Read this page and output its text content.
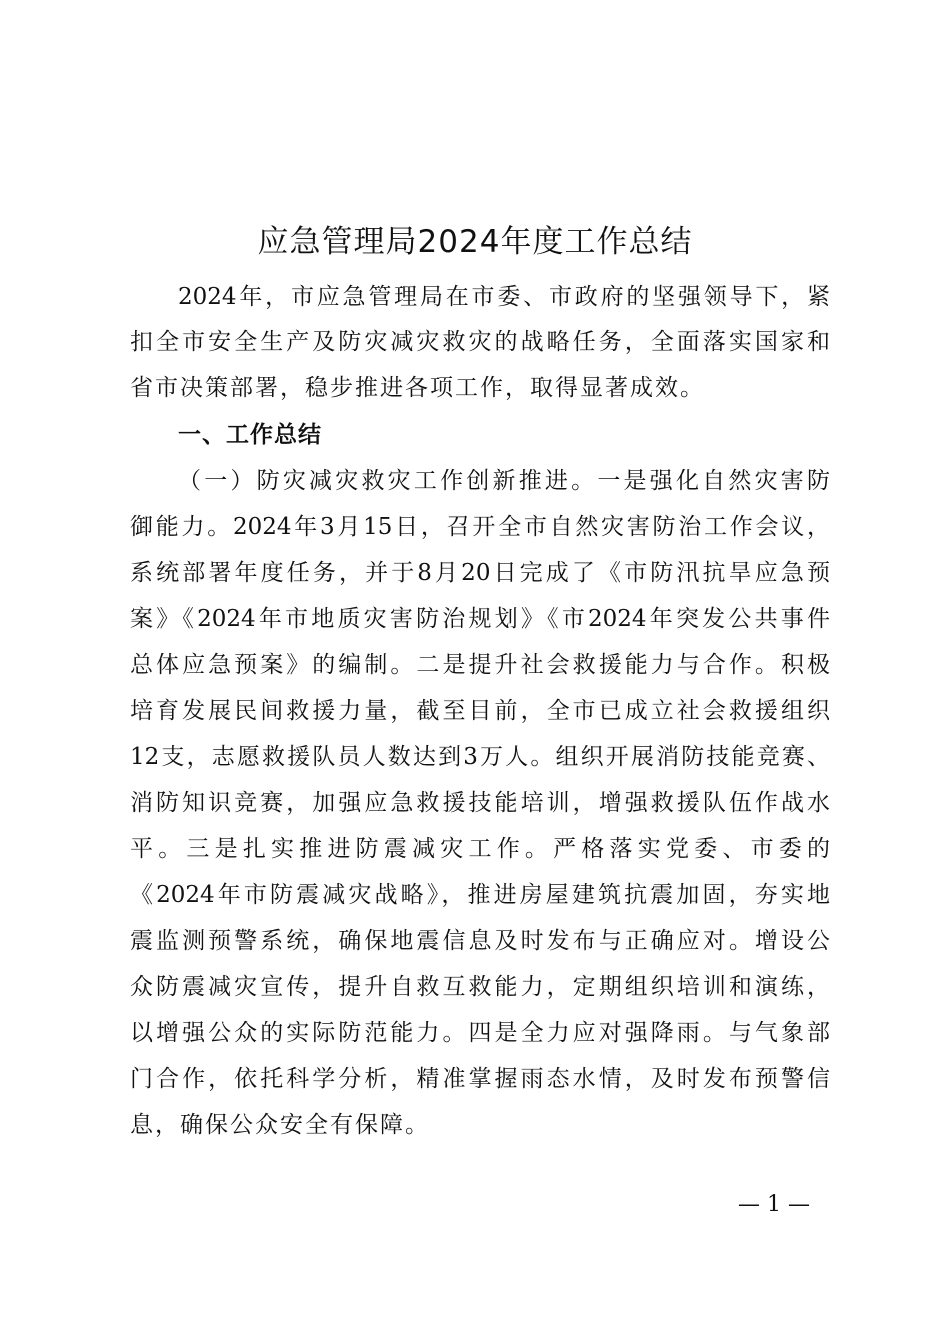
应急管理局2024年度工作总结
2024年，市应急管理局在市委、市政府的坚强领导下，紧
扣全市安全生产及防灾减灾救灾的战略任务，全面落实国家和
省市决策部署，稳步推进各项工作，取得显著成效。
一、工作总结
（一）防灾减灾救灾工作创新推进。一是强化自然灾害防
御能力。2024年3月15日，召开全市自然灾害防治工作会议，
系统部署年度任务，并于8月20日完成了《市防汛抗旱应急预
案》《2024年市地质灾害防治规划》《市2024年突发公共事件
总体应急预案》的编制。二是提升社会救援能力与合作。积极
培育发展民间救援力量，截至目前，全市已成立社会救援组织
12支，志愿救援队员人数达到3万人。组织开展消防技能竞赛、
消防知识竞赛，加强应急救援技能培训，增强救援队伍作战水
平。三是扎实推进防震减灾工作。严格落实党委、市委的
《2024年市防震减灾战略》，推进房屋建筑抗震加固，夯实地
震监测预警系统，确保地震信息及时发布与正确应对。增设公
众防震减灾宣传，提升自救互救能力，定期组织培训和演练，
以增强公众的实际防范能力。四是全力应对强降雨。与气象部
门合作，依托科学分析，精准掌握雨态水情，及时发布预警信
息，确保公众安全有保障。
— 1 —
